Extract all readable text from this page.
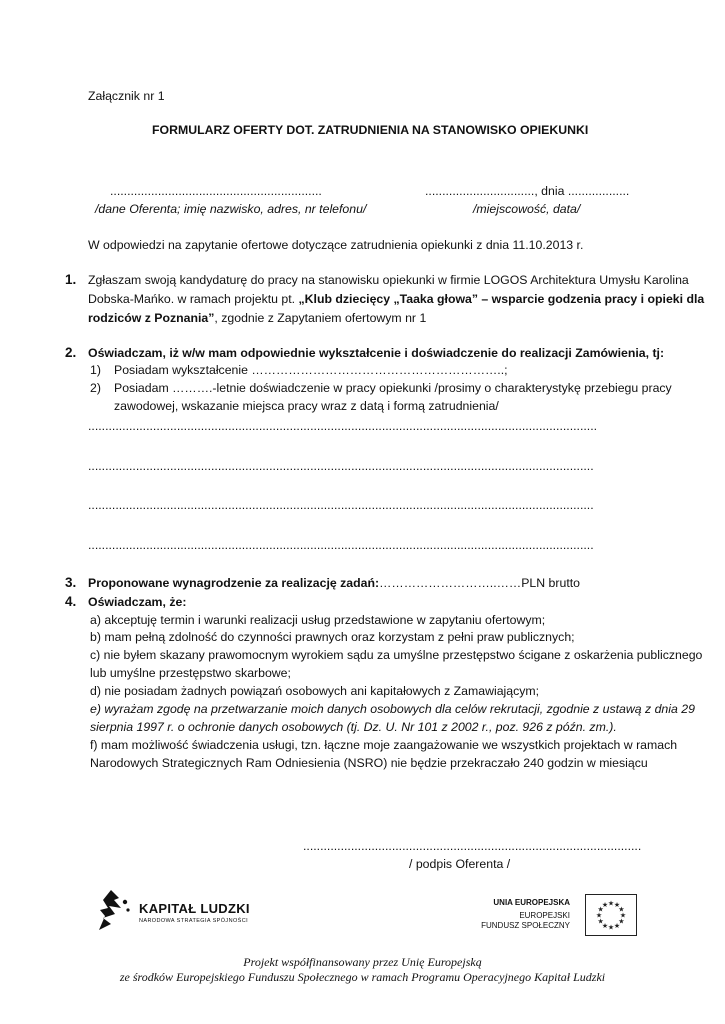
Załącznik nr 1
FORMULARZ OFERTY DOT. ZATRUDNIENIA NA STANOWISKO OPIEKUNKI
..............................................................
/dane Oferenta; imię nazwisko, adres, nr telefonu/
................................, dnia ..................
/miejscowość, data/
W odpowiedzi na zapytanie ofertowe dotyczące zatrudnienia opiekunki z dnia 11.10.2013 r.
1. Zgłaszam swoją kandydaturę do pracy na stanowisku opiekunki w firmie LOGOS Architektura Umysłu Karolina
Dobska-Mańko. w ramach projektu pt. „Klub dziecięcy „Taaka głowa” – wsparcie godzenia pracy i opieki dla
rodziców z Poznania”, zgodnie z Zapytaniem ofertowym nr 1
2. Oświadczam, iż w/w mam odpowiednie wykształcenie i doświadczenie do realizacji Zamówienia, tj:
1) Posiadam wykształcenie ……………………………………………………..;
2) Posiadam ……….-letnie doświadczenie w pracy opiekunki /prosimy o charakterystykę przebiegu pracy
zawodowej, wskazanie miejsca pracy wraz z datą i formą zatrudnienia/
.....................................................................................................................................................
....................................................................................................................................................
....................................................................................................................................................
....................................................................................................................................................
3. Proponowane wynagrodzenie za realizację zadań:………………………..……PLN brutto
4. Oświadczam, że:
a) akceptuję termin i warunki realizacji usług przedstawione w zapytaniu ofertowym;
b) mam pełną zdolność do czynności prawnych oraz korzystam z pełni praw publicznych;
c) nie byłem skazany prawomocnym wyrokiem sądu za umyślne przestępstwo ścigane z oskarżenia publicznego
lub umyślne przestępstwo skarbowe;
d) nie posiadam żadnych powiązań osobowych ani kapitałowych z Zamawiającym;
e) wyrażam zgodę na przetwarzanie moich danych osobowych dla celów rekrutacji, zgodnie z ustawą z dnia 29
sierpnia 1997 r. o ochronie danych osobowych (tj. Dz. U. Nr 101 z 2002 r., poz. 926 z późn. zm.).
f) mam możliwość świadczenia usługi, tzn. łączne moje zaangażowanie we wszystkich projektach w ramach
Narodowych Strategicznych Ram Odniesienia (NSRO) nie będzie przekraczało 240 godzin w miesiącu
...................................................................................................
/ podpis Oferenta /
KAPITAŁ LUDZKI
NARODOWA STRATEGIA SPÓJNOŚCI
UNIA EUROPEJSKA
EUROPEJSKI
FUNDUSZ SPOŁECZNY
★ ★
★
★
★
★
★
★
★
★
★
★
Projekt współfinansowany przez Unię Europejską
ze środków Europejskiego Funduszu Społecznego w ramach Programu Operacyjnego Kapitał Ludzki
